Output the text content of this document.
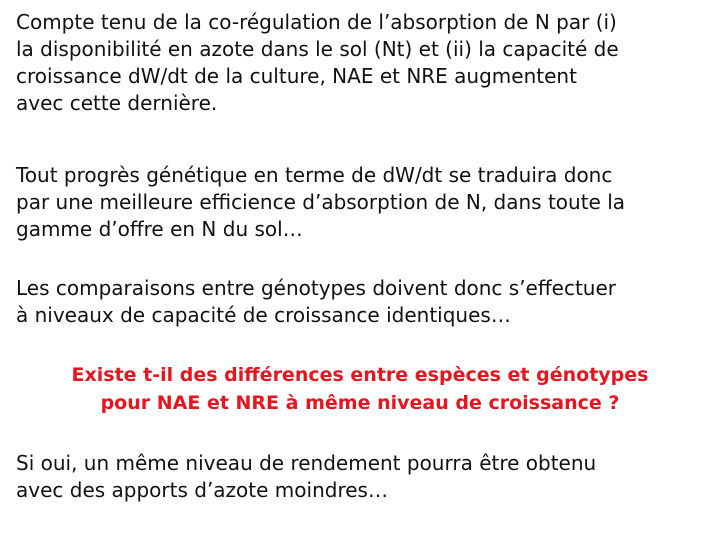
Compte tenu de la co-régulation de l’absorption de N par (i)
la disponibilité en azote dans le sol (Nt) et (ii) la capacité de
croissance dW/dt de la culture, NAE et NRE augmentent
avec cette dernière.

Tout progrès génétique en terme de dW/dt se traduira donc
par une meilleure efficience d’absorption de N, dans toute la
gamme d’offre en N du sol…

Les comparaisons entre génotypes doivent donc s’effectuer
à niveaux de capacité de croissance identiques…

Existe t-il des différences entre espèces et génotypes
pour NAE et NRE à même niveau de croissance ?

Si oui, un même niveau de rendement pourra être obtenu
avec des apports d’azote moindres…
